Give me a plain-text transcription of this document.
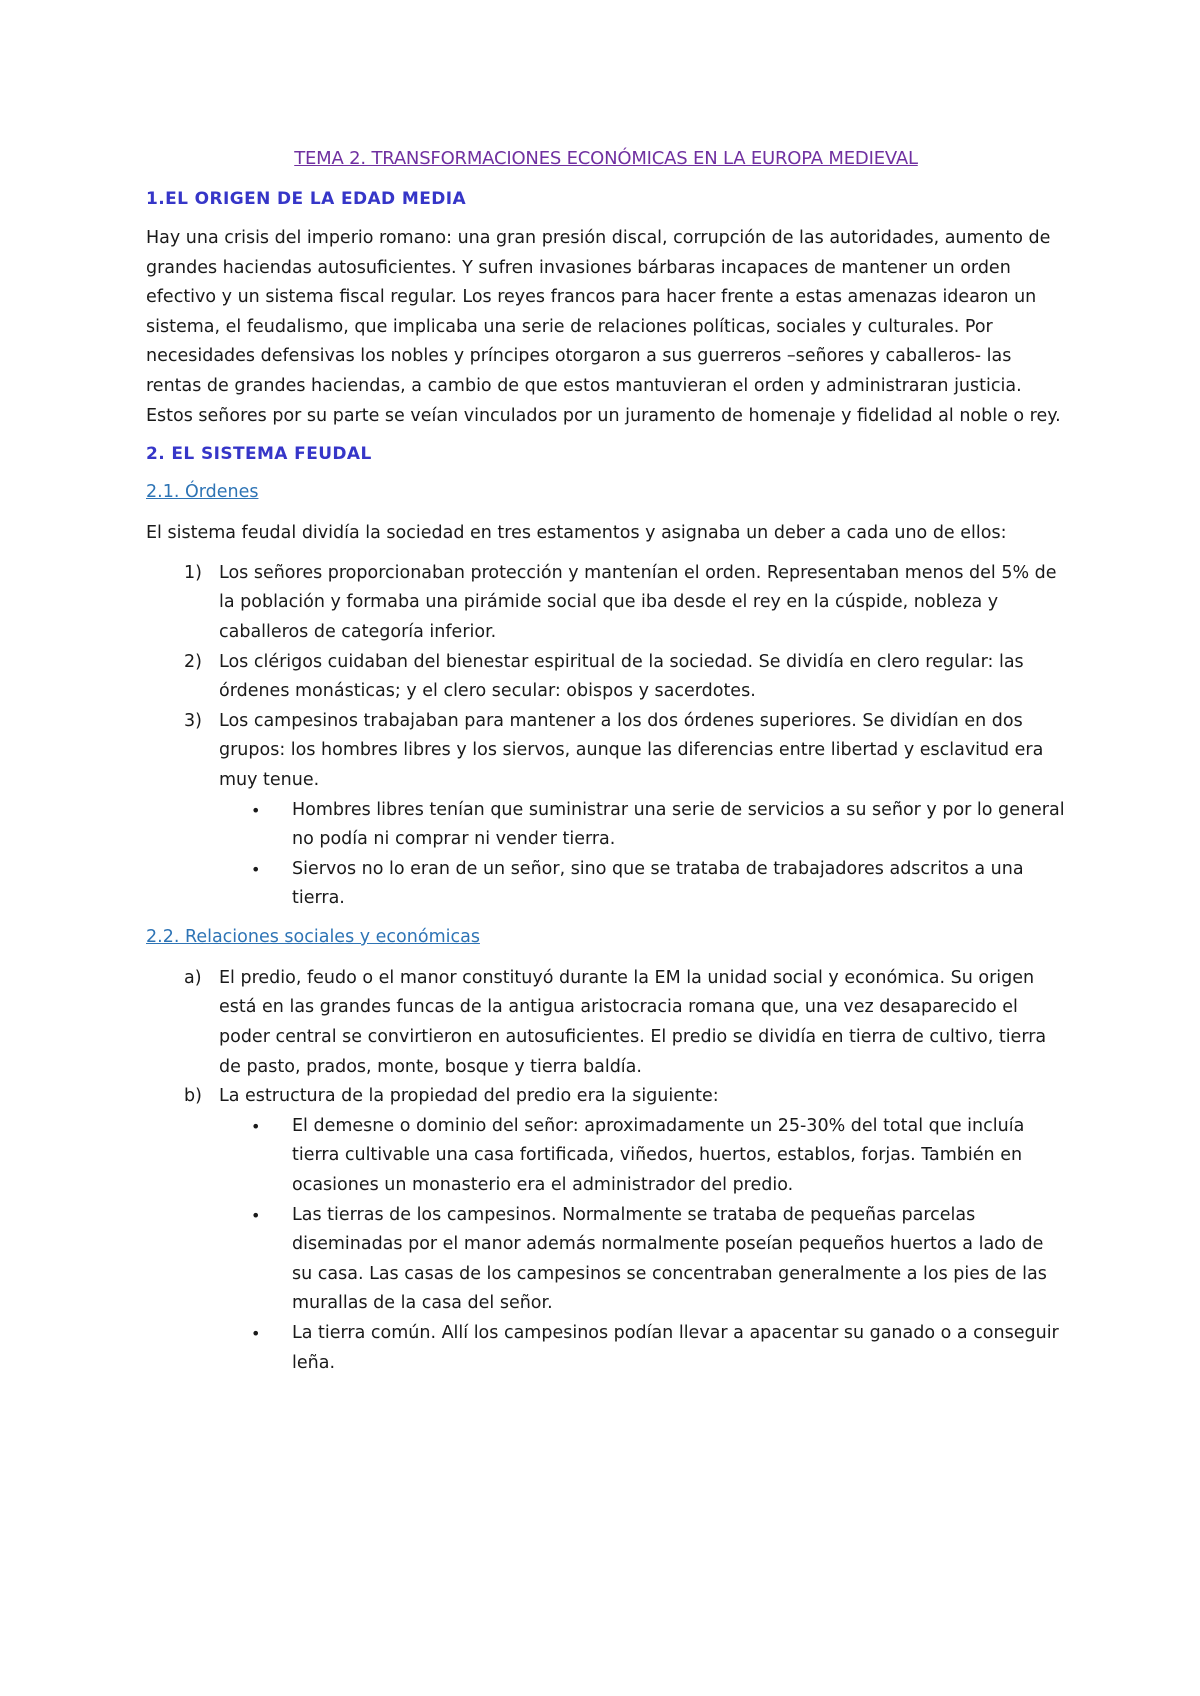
TEMA 2. TRANSFORMACIONES ECONÓMICAS EN LA EUROPA MEDIEVAL
1.EL ORIGEN DE LA EDAD MEDIA

Hay una crisis del imperio romano: una gran presión discal, corrupción de las autoridades, aumento de grandes haciendas autosuficientes. Y sufren invasiones bárbaras incapaces de mantener un orden efectivo y un sistema fiscal regular. Los reyes francos para hacer frente a estas amenazas idearon un sistema, el feudalismo, que implicaba una serie de relaciones políticas, sociales y culturales. Por necesidades defensivas los nobles y príncipes otorgaron a sus guerreros –señores y caballeros- las rentas de grandes haciendas, a cambio de que estos mantuvieran el orden y administraran justicia. Estos señores por su parte se veían vinculados por un juramento de homenaje y fidelidad al noble o rey.

2. EL SISTEMA FEUDAL
2.1. Órdenes

El sistema feudal dividía la sociedad en tres estamentos y asignaba un deber a cada uno de ellos:

1) Los señores proporcionaban protección y mantenían el orden. Representaban menos del 5% de la población y formaba una pirámide social que iba desde el rey en la cúspide, nobleza y caballeros de categoría inferior.
2) Los clérigos cuidaban del bienestar espiritual de la sociedad. Se dividía en clero regular: las órdenes monásticas; y el clero secular: obispos y sacerdotes.
3) Los campesinos trabajaban para mantener a los dos órdenes superiores. Se dividían en dos grupos: los hombres libres y los siervos, aunque las diferencias entre libertad y esclavitud era muy tenue.
• Hombres libres tenían que suministrar una serie de servicios a su señor y por lo general no podía ni comprar ni vender tierra.
• Siervos no lo eran de un señor, sino que se trataba de trabajadores adscritos a una tierra.
2.2. Relaciones sociales y económicas
a) El predio, feudo o el manor constituyó durante la EM la unidad social y económica. Su origen está en las grandes funcas de la antigua aristocracia romana que, una vez desaparecido el poder central se convirtieron en autosuficientes. El predio se dividía en tierra de cultivo, tierra de pasto, prados, monte, bosque y tierra baldía.
b) La estructura de la propiedad del predio era la siguiente:
• El demesne o dominio del señor: aproximadamente un 25-30% del total que incluía tierra cultivable una casa fortificada, viñedos, huertos, establos, forjas. También en ocasiones un monasterio era el administrador del predio.
• Las tierras de los campesinos. Normalmente se trataba de pequeñas parcelas diseminadas por el manor además normalmente poseían pequeños huertos a lado de su casa. Las casas de los campesinos se concentraban generalmente a los pies de las murallas de la casa del señor.
• La tierra común. Allí los campesinos podían llevar a apacentar su ganado o a conseguir leña.
